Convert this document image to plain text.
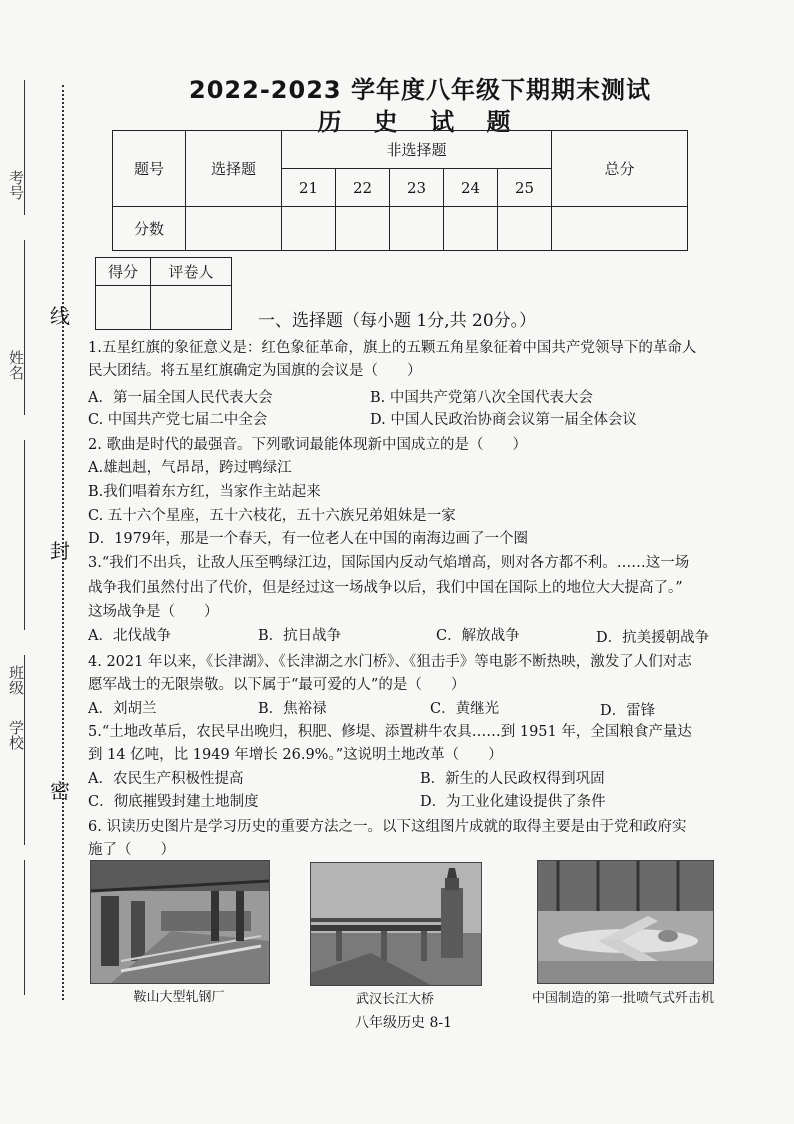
考号
姓名
班级
学校
线
封
密
2022-2023 学年度八年级下期期末测试
历 史 试 题
题号	选择题	非选择题					总分
		21	22	23	24	25	
分数							
得分	评卷人

一、选择题（每小题 1分,共 20分。）
1.五星红旗的象征意义是：红色象征革命，旗上的五颗五角星象征着中国共产党领导下的革命人
民大团结。将五星红旗确定为国旗的会议是（　　）
A．第一届全国人民代表大会	B. 中国共产党第八次全国代表大会
C. 中国共产党七届二中全会	D. 中国人民政治协商会议第一届全体会议
2. 歌曲是时代的最强音。下列歌词最能体现新中国成立的是（　　）
A.雄赳赳，气昂昂，跨过鸭绿江
B.我们唱着东方红，当家作主站起来
C. 五十六个星座，五十六枝花，五十六族兄弟姐妹是一家
D．1979年，那是一个春天，有一位老人在中国的南海边画了一个圈
3.“我们不出兵，让敌人压至鸭绿江边，国际国内反动气焰增高，则对各方都不利。……这一场
战争我们虽然付出了代价，但是经过这一场战争以后，我们中国在国际上的地位大大提高了。”
这场战争是（　　）
A．北伐战争	B．抗日战争	C．解放战争	D．抗美援朝战争
4. 2021 年以来，《长津湖》、《长津湖之水门桥》、《狙击手》等电影不断热映，激发了人们对志
愿军战士的无限崇敬。以下属于“最可爱的人”的是（　　）
A．刘胡兰	B．焦裕禄	C．黄继光	D．雷锋
5.“土地改革后，农民早出晚归，积肥、修堤、添置耕牛农具……到 1951 年，全国粮食产量达
到 14 亿吨，比 1949 年增长 26.9%。”这说明土地改革（　　）
A．农民生产积极性提高	B．新生的人民政权得到巩固
C．彻底摧毁封建土地制度	D．为工业化建设提供了条件
6. 识读历史图片是学习历史的重要方法之一。以下这组图片成就的取得主要是由于党和政府实
施了（　　）
鞍山大型轧钢厂	武汉长江大桥	中国制造的第一批喷气式歼击机
八年级历史 8-1
